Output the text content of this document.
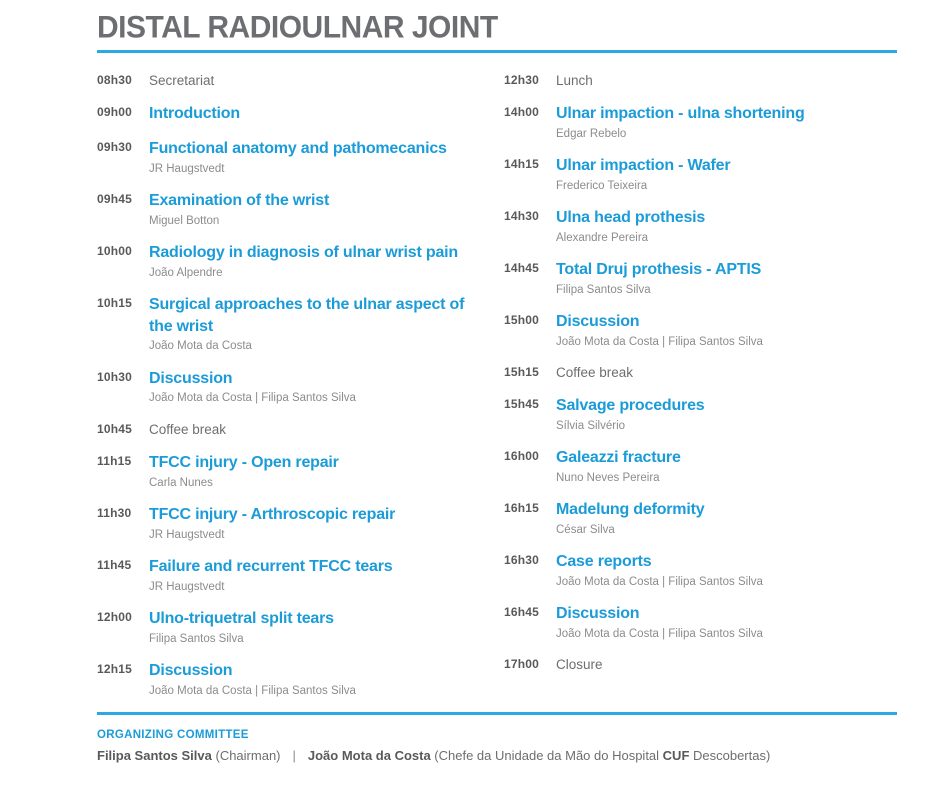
DISTAL RADIOULNAR JOINT
08h30	Secretariat
09h00	Introduction
09h30	Functional anatomy and pathomecanics
JR Haugstvedt
09h45	Examination of the wrist
Miguel Botton
10h00	Radiology in diagnosis of ulnar wrist pain
João Alpendre
10h15	Surgical approaches to the ulnar aspect of the wrist
João Mota da Costa
10h30	Discussion
João Mota da Costa | Filipa Santos Silva
10h45	Coffee break
11h15	TFCC injury - Open repair
Carla Nunes
11h30	TFCC injury - Arthroscopic repair
JR Haugstvedt
11h45	Failure and recurrent TFCC tears
JR Haugstvedt
12h00	Ulno-triquetral split tears
Filipa Santos Silva
12h15	Discussion
João Mota da Costa | Filipa Santos Silva
12h30	Lunch
14h00	Ulnar impaction - ulna shortening
Edgar Rebelo
14h15	Ulnar impaction - Wafer
Frederico Teixeira
14h30	Ulna head prothesis
Alexandre Pereira
14h45	Total Druj prothesis - APTIS
Filipa Santos Silva
15h00	Discussion
João Mota da Costa | Filipa Santos Silva
15h15	Coffee break
15h45	Salvage procedures
Sílvia Silvério
16h00	Galeazzi fracture
Nuno Neves Pereira
16h15	Madelung deformity
César Silva
16h30	Case reports
João Mota da Costa | Filipa Santos Silva
16h45	Discussion
João Mota da Costa | Filipa Santos Silva
17h00	Closure
ORGANIZING COMMITTEE
Filipa Santos Silva (Chairman) | João Mota da Costa (Chefe da Unidade da Mão do Hospital CUF Descobertas)
